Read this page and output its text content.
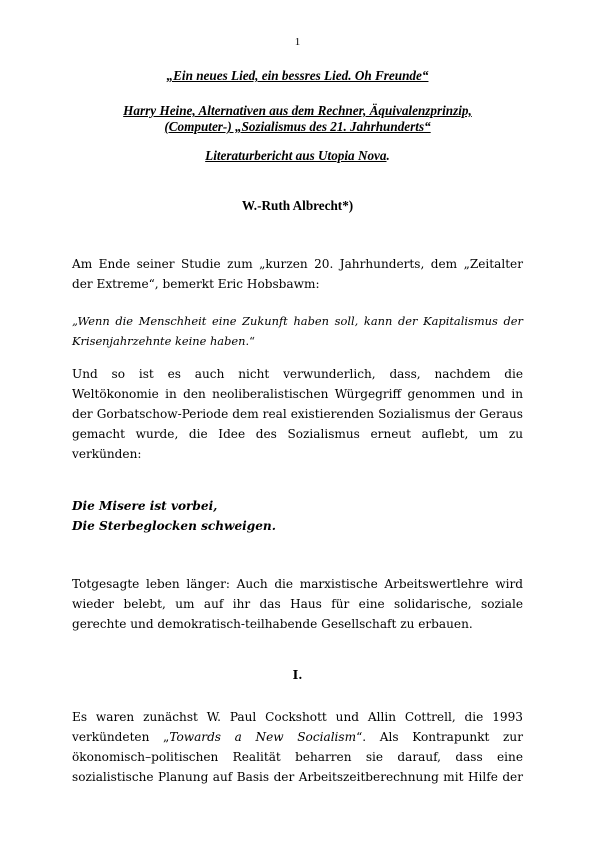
1
„Ein neues Lied, ein bessres Lied. Oh Freunde“
Harry Heine, Alternativen aus dem Rechner, Äquivalenzprinzip,
(Computer-) „Sozialismus des 21. Jahrhunderts“
Literaturbericht aus Utopia Nova.
W.-Ruth Albrecht*)

Am Ende seiner Studie zum „kurzen 20. Jahrhunderts, dem „Zeitalter der Extreme“, bemerkt Eric Hobsbawm:

„Wenn die Menschheit eine Zukunft haben soll, kann der Kapitalismus der Krisenjahrzehnte keine haben.“

Und so ist es auch nicht verwunderlich, dass, nachdem die Weltökonomie in den neoliberalistischen Würgegriff genommen und in der Gorbatschow-Periode dem real existierenden Sozialismus der Geraus gemacht wurde, die Idee des Sozialismus erneut auflebt, um zu verkünden:

Die Misere ist vorbei,
Die Sterbeglocken schweigen.

Totgesagte leben länger: Auch die marxistische Arbeitswertlehre wird wieder belebt, um auf ihr das Haus für eine solidarische, soziale gerechte und demokratisch-teilhabende Gesellschaft zu erbauen.

I.

Es waren zunächst W. Paul Cockshott und Allin Cottrell, die 1993 verkündeten „Towards a New Socialism“. Als Kontrapunkt zur ökonomisch–politischen Realität beharren sie darauf, dass eine sozialistische Planung auf Basis der Arbeitszeitberechnung mit Hilfe der
